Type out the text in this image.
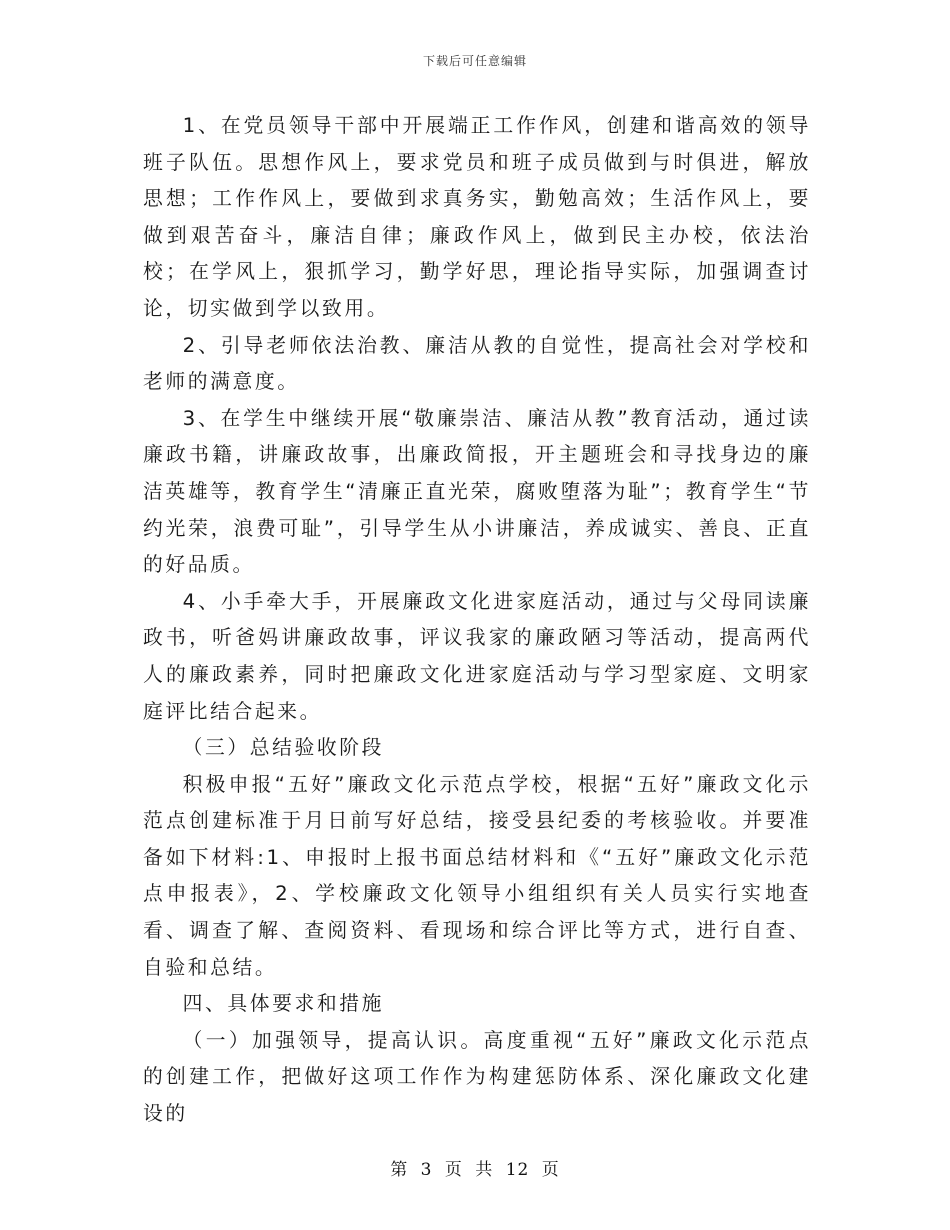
下载后可任意编辑

1、在党员领导干部中开展端正工作作风，创建和谐高效的领导班子队伍。思想作风上，要求党员和班子成员做到与时俱进，解放思想；工作作风上，要做到求真务实，勤勉高效；生活作风上，要做到艰苦奋斗，廉洁自律；廉政作风上，做到民主办校，依法治校；在学风上，狠抓学习，勤学好思，理论指导实际，加强调查讨论，切实做到学以致用。

2、引导老师依法治教、廉洁从教的自觉性，提高社会对学校和老师的满意度。

3、在学生中继续开展“敬廉崇洁、廉洁从教”教育活动，通过读廉政书籍，讲廉政故事，出廉政简报，开主题班会和寻找身边的廉洁英雄等，教育学生“清廉正直光荣，腐败堕落为耻”；教育学生“节约光荣，浪费可耻”，引导学生从小讲廉洁，养成诚实、善良、正直的好品质。

4、小手牵大手，开展廉政文化进家庭活动，通过与父母同读廉政书，听爸妈讲廉政故事，评议我家的廉政陋习等活动，提高两代人的廉政素养，同时把廉政文化进家庭活动与学习型家庭、文明家庭评比结合起来。

（三）总结验收阶段

积极申报“五好”廉政文化示范点学校，根据“五好”廉政文化示范点创建标准于月日前写好总结，接受县纪委的考核验收。并要准备如下材料:1、申报时上报书面总结材料和《“五好”廉政文化示范点申报表》，2、学校廉政文化领导小组组织有关人员实行实地查看、调查了解、查阅资料、看现场和综合评比等方式，进行自查、自验和总结。

四、具体要求和措施

（一）加强领导，提高认识。高度重视“五好”廉政文化示范点的创建工作，把做好这项工作作为构建惩防体系、深化廉政文化建设的

第 3 页 共 12 页
